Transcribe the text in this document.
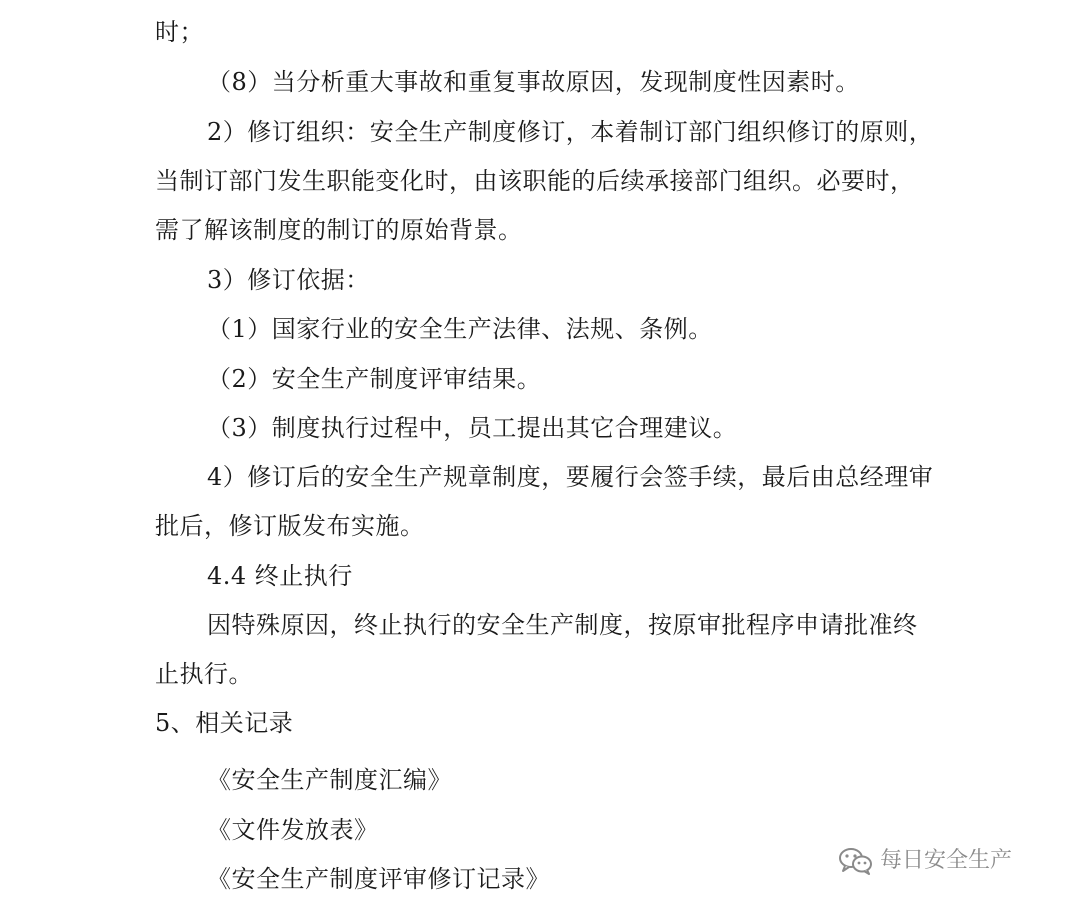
时；
（8）当分析重大事故和重复事故原因，发现制度性因素时。
2）修订组织：安全生产制度修订，本着制订部门组织修订的原则，
当制订部门发生职能变化时，由该职能的后续承接部门组织。必要时，
需了解该制度的制订的原始背景。
3）修订依据：
（1）国家行业的安全生产法律、法规、条例。
（2）安全生产制度评审结果。
（3）制度执行过程中，员工提出其它合理建议。
4）修订后的安全生产规章制度，要履行会签手续，最后由总经理审
批后，修订版发布实施。
4.4 终止执行
因特殊原因，终止执行的安全生产制度，按原审批程序申请批准终
止执行。
5、相关记录
《安全生产制度汇编》
《文件发放表》
《安全生产制度评审修订记录》
每日安全生产
